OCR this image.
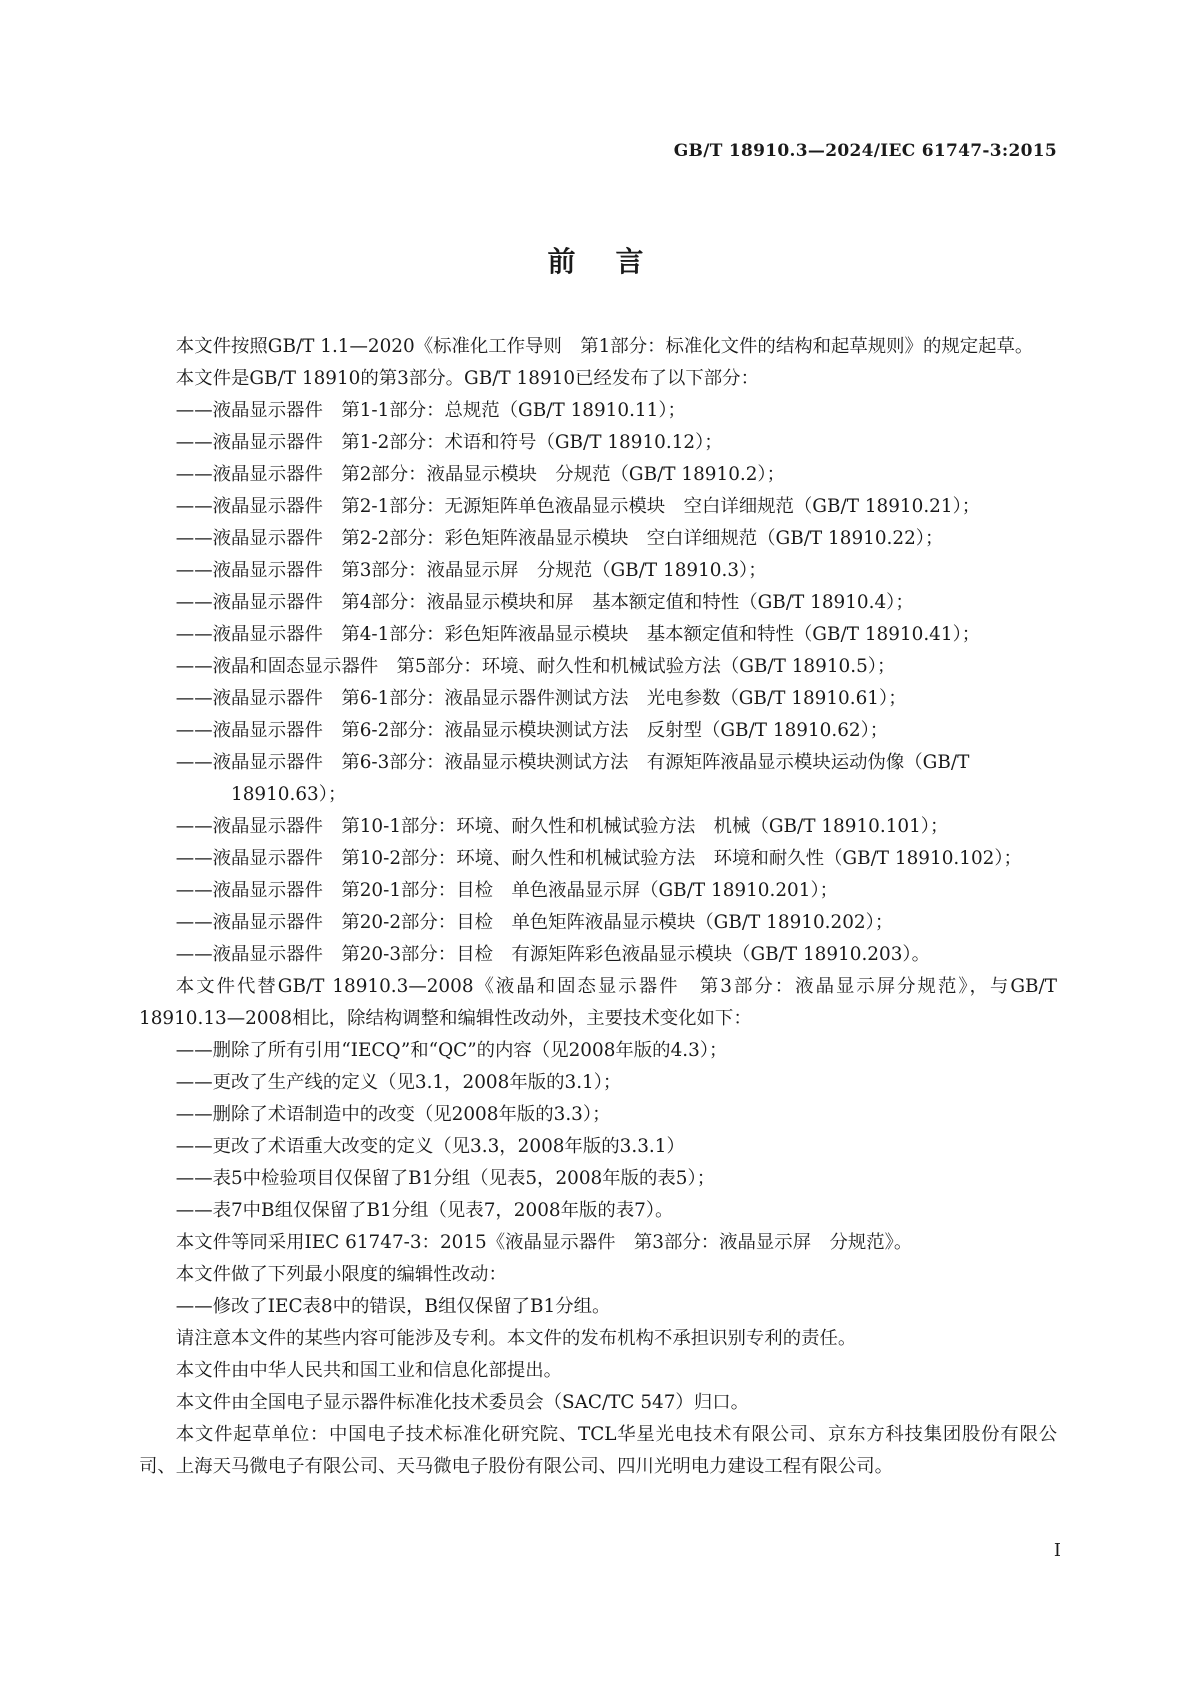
GB/T 18910.3—2024/IEC 61747-3:2015
前言

本文件按照GB/T 1.1—2020《标准化工作导则　第1部分：标准化文件的结构和起草规则》的规定起草。

本文件是GB/T 18910的第3部分。GB/T 18910已经发布了以下部分：

——液晶显示器件　第1-1部分：总规范（GB/T 18910.11）；

——液晶显示器件　第1-2部分：术语和符号（GB/T 18910.12）；

——液晶显示器件　第2部分：液晶显示模块　分规范（GB/T 18910.2）；

——液晶显示器件　第2-1部分：无源矩阵单色液晶显示模块　空白详细规范（GB/T 18910.21）；

——液晶显示器件　第2-2部分：彩色矩阵液晶显示模块　空白详细规范（GB/T 18910.22）；

——液晶显示器件　第3部分：液晶显示屏　分规范（GB/T 18910.3）；

——液晶显示器件　第4部分：液晶显示模块和屏　基本额定值和特性（GB/T 18910.4）；

——液晶显示器件　第4-1部分：彩色矩阵液晶显示模块　基本额定值和特性（GB/T 18910.41）；

——液晶和固态显示器件　第5部分：环境、耐久性和机械试验方法（GB/T 18910.5）；

——液晶显示器件　第6-1部分：液晶显示器件测试方法　光电参数（GB/T 18910.61）；

——液晶显示器件　第6-2部分：液晶显示模块测试方法　反射型（GB/T 18910.62）；

——液晶显示器件　第6-3部分：液晶显示模块测试方法　有源矩阵液晶显示模块运动伪像（GB/T 18910.63）；

——液晶显示器件　第10-1部分：环境、耐久性和机械试验方法　机械（GB/T 18910.101）；

——液晶显示器件　第10-2部分：环境、耐久性和机械试验方法　环境和耐久性（GB/T 18910.102）；

——液晶显示器件　第20-1部分：目检　单色液晶显示屏（GB/T 18910.201）；

——液晶显示器件　第20-2部分：目检　单色矩阵液晶显示模块（GB/T 18910.202）；

——液晶显示器件　第20-3部分：目检　有源矩阵彩色液晶显示模块（GB/T 18910.203）。

本文件代替GB/T 18910.3—2008《液晶和固态显示器件　第3部分：液晶显示屏分规范》，与GB/T 18910.13—2008相比，除结构调整和编辑性改动外，主要技术变化如下：

——删除了所有引用“IECQ”和“QC”的内容（见2008年版的4.3）；

——更改了生产线的定义（见3.1，2008年版的3.1）；

——删除了术语制造中的改变（见2008年版的3.3）；

——更改了术语重大改变的定义（见3.3，2008年版的3.3.1）

——表5中检验项目仅保留了B1分组（见表5，2008年版的表5）；

——表7中B组仅保留了B1分组（见表7，2008年版的表7）。

本文件等同采用IEC 61747-3：2015《液晶显示器件　第3部分：液晶显示屏　分规范》。

本文件做了下列最小限度的编辑性改动：

——修改了IEC表8中的错误，B组仅保留了B1分组。

请注意本文件的某些内容可能涉及专利。本文件的发布机构不承担识别专利的责任。

本文件由中华人民共和国工业和信息化部提出。

本文件由全国电子显示器件标准化技术委员会（SAC/TC 547）归口。

本文件起草单位：中国电子技术标准化研究院、TCL华星光电技术有限公司、京东方科技集团股份有限公司、上海天马微电子有限公司、天马微电子股份有限公司、四川光明电力建设工程有限公司。

I
